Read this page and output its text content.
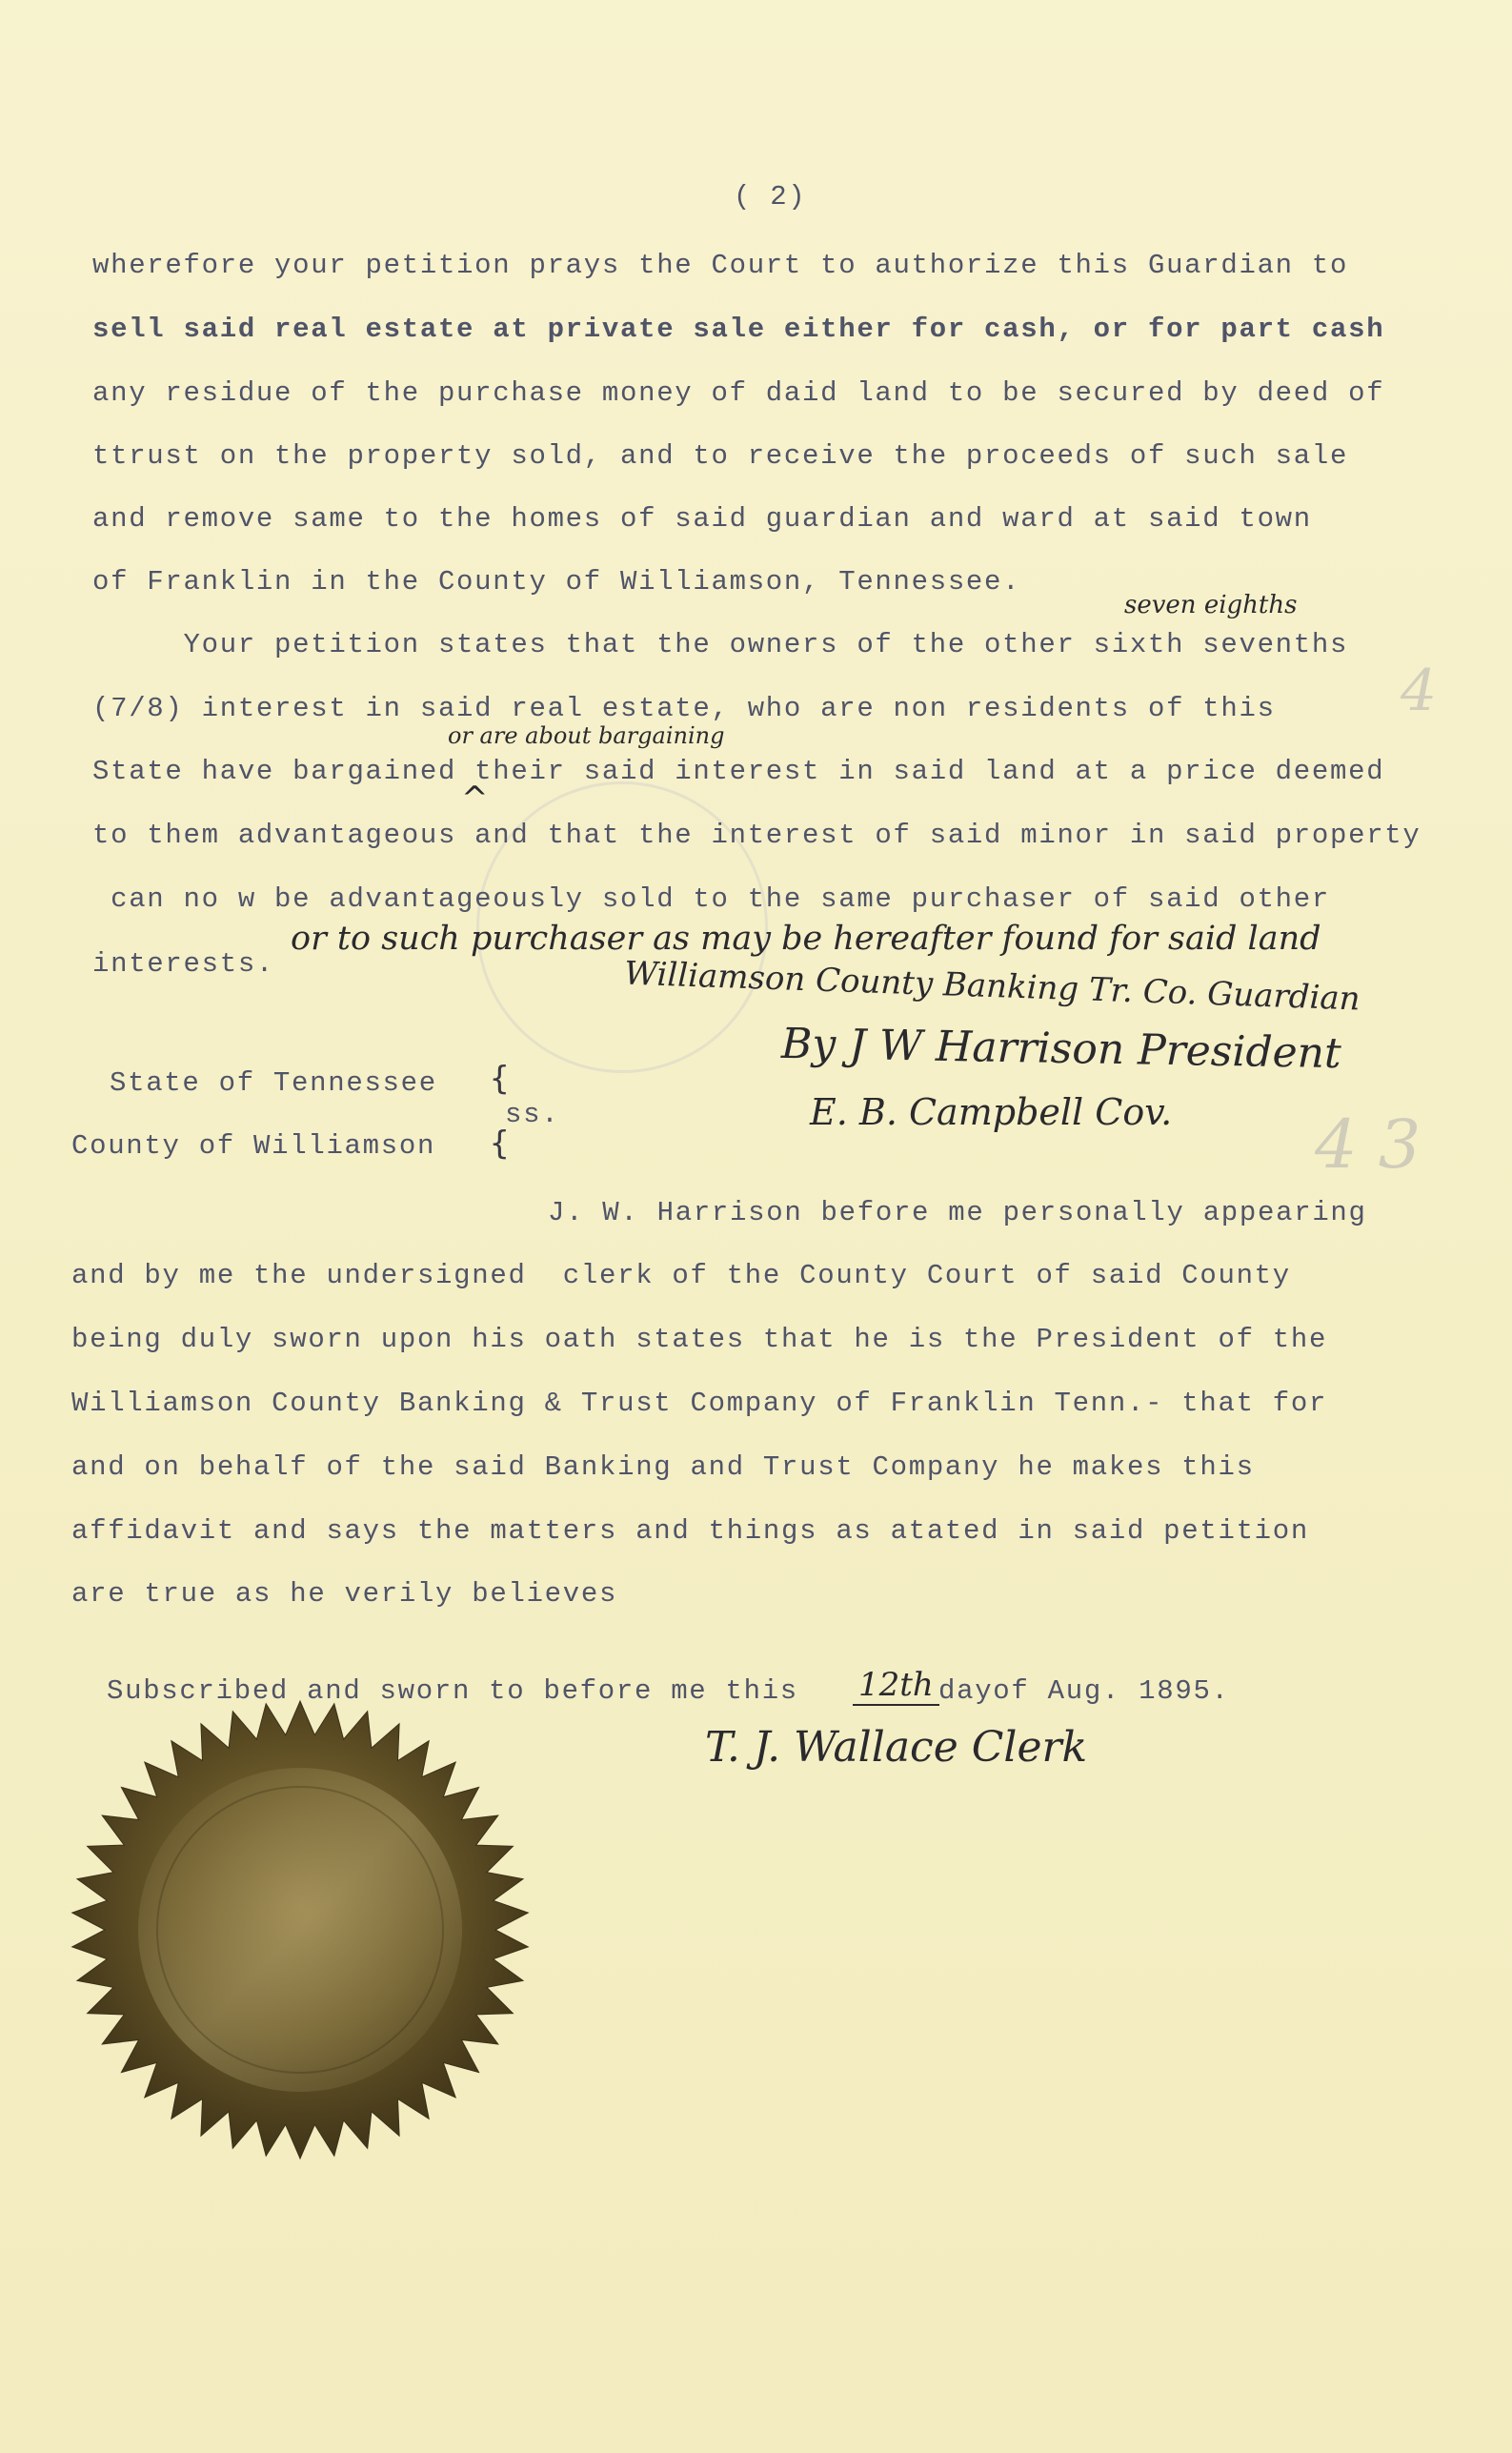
( 2)
wherefore your petition prays the Court to authorize this Guardian to
sell said real estate at private sale either for cash, or for part cash
any residue of the purchase money of daid land to be secured by deed of
ttrust on the property sold, and to receive the proceeds of such sale
and remove same to the homes of said guardian and ward at said town
of Franklin in the County of Williamson, Tennessee.
Your petition states that the owners of the other sixth sevenths
(7/8) interest in said real estate, who are non residents of this
State have bargained their said interest in said land at a price deemed
to them advantageous and that the interest of said minor in said property
can no w be advantageously sold to the same purchaser of said other
interests.
seven eighths
or are about bargaining
^
or to such purchaser as may be hereafter found for said land
Williamson County Banking Tr. Co. Guardian
By J W Harrison President
E. B. Campbell Cov.
4
4 3
State of Tennessee
County of Williamson
{
{
ss.
J. W. Harrison before me personally appearing
and by me the undersigned  clerk of the County Court of said County
being duly sworn upon his oath states that he is the President of the
Williamson County Banking & Trust Company of Franklin Tenn.- that for
and on behalf of the said Banking and Trust Company he makes this
affidavit and says the matters and things as atated in said petition
are true as he verily believes
Subscribed and sworn to before me this 12th dayof Aug. 1895.
T. J. Wallace Clerk
